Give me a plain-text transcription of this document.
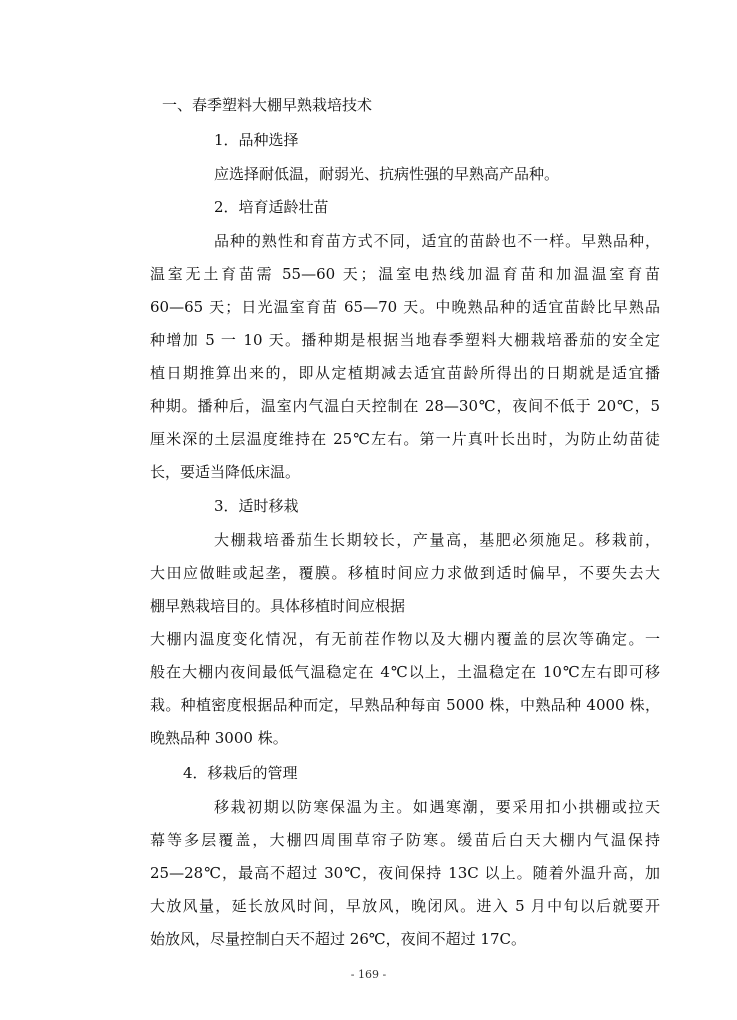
一、春季塑料大棚早熟栽培技术
1．品种选择
应选择耐低温，耐弱光、抗病性强的早熟高产品种。
2．培育适龄壮苗
品种的熟性和育苗方式不同，适宜的苗龄也不一样。早熟品种，
温室无土育苗需 55—60 天；温室电热线加温育苗和加温温室育苗
60—65 天；日光温室育苗 65—70 天。中晚熟品种的适宜苗龄比早熟品
种增加 5 一 10 天。播种期是根据当地春季塑料大棚栽培番茄的安全定
植日期推算出来的，即从定植期减去适宜苗龄所得出的日期就是适宜播
种期。播种后，温室内气温白天控制在 28—30℃，夜间不低于 20℃，5
厘米深的土层温度维持在 25℃左右。第一片真叶长出时，为防止幼苗徒
长，要适当降低床温。
3．适时移栽
大棚栽培番茄生长期较长，产量高，基肥必须施足。移栽前，
大田应做畦或起垄，覆膜。移植时间应力求做到适时偏早，不要失去大
棚早熟栽培目的。具体移植时间应根据
大棚内温度变化情况，有无前茬作物以及大棚内覆盖的层次等确定。一
般在大棚内夜间最低气温稳定在 4℃以上，土温稳定在 10℃左右即可移
栽。种植密度根据品种而定，早熟品种每亩 5000 株，中熟品种 4000 株，
晚熟品种 3000 株。
4．移栽后的管理
移栽初期以防寒保温为主。如遇寒潮，要采用扣小拱棚或拉天
幕等多层覆盖，大棚四周围草帘子防寒。缓苗后白天大棚内气温保持
25—28℃，最高不超过 30℃，夜间保持 13C 以上。随着外温升高，加
大放风量，延长放风时间，早放风，晚闭风。进入 5 月中旬以后就要开
始放风，尽量控制白天不超过 26℃，夜间不超过 17C。
- 169 -
